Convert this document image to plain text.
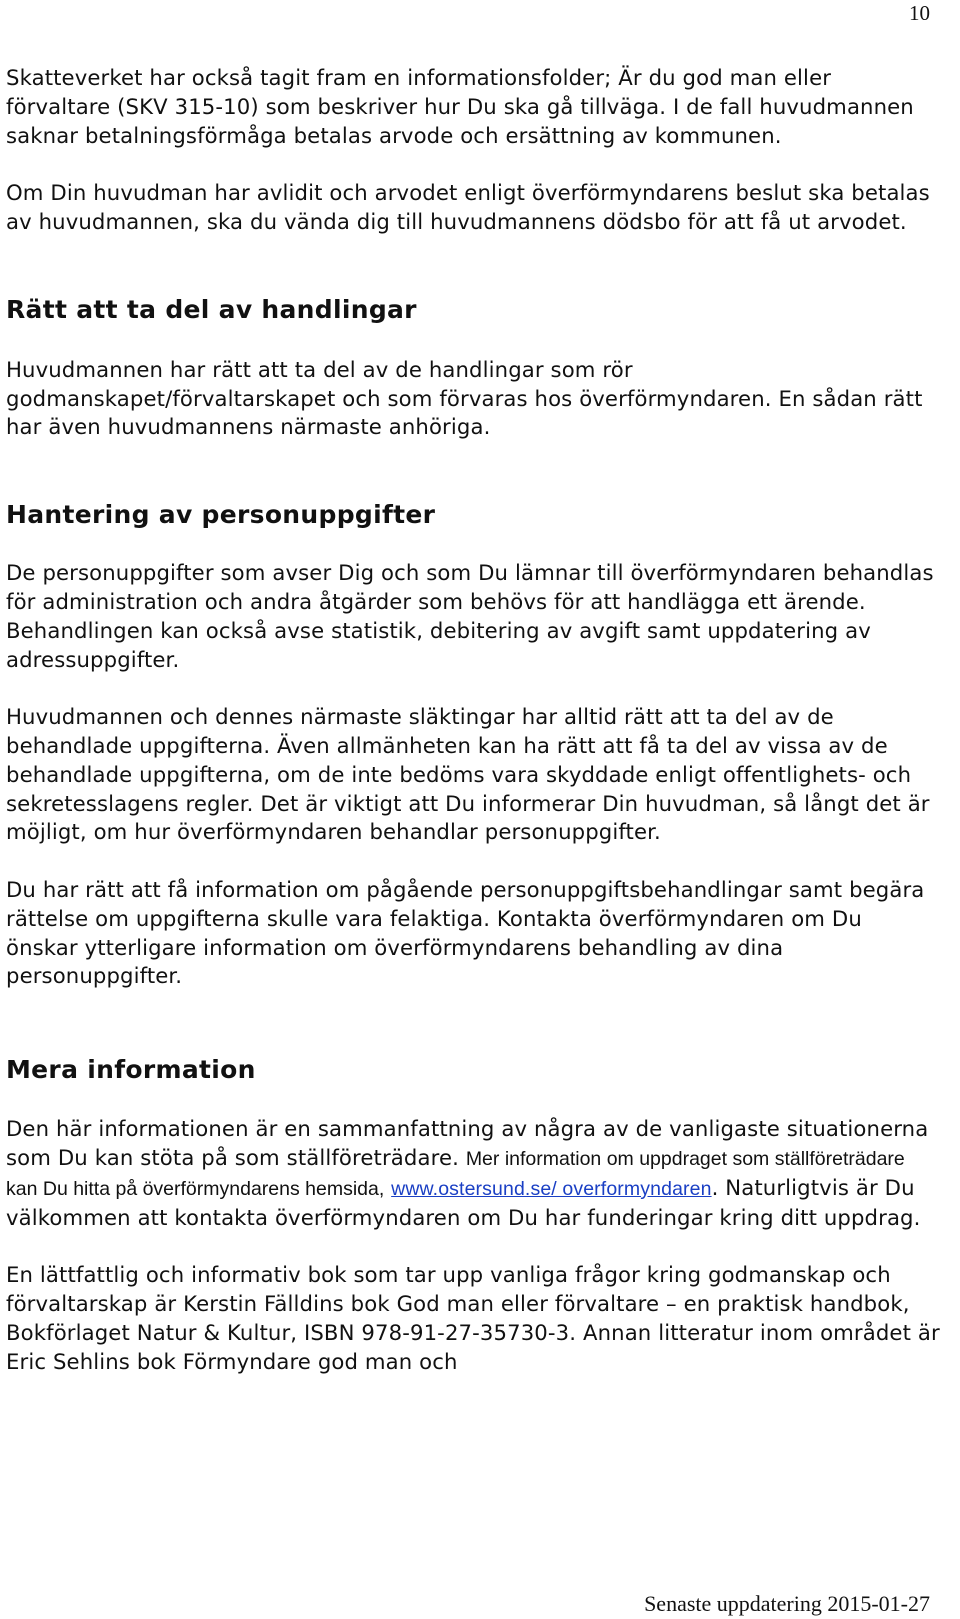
10

Skatteverket har också tagit fram en informationsfolder; Är du god man eller förvaltare (SKV 315-10) som beskriver hur Du ska gå tillväga. I de fall huvudmannen saknar betalningsförmåga betalas arvode och ersättning av kommunen.

Om Din huvudman har avlidit och arvodet enligt överförmyndarens beslut ska betalas av huvudmannen, ska du vända dig till huvudmannens dödsbo för att få ut arvodet.

Rätt att ta del av handlingar

Huvudmannen har rätt att ta del av de handlingar som rör godmanskapet/förvaltarskapet och som förvaras hos överförmyndaren. En sådan rätt har även huvudmannens närmaste anhöriga.

Hantering av personuppgifter

De personuppgifter som avser Dig och som Du lämnar till överförmyndaren behandlas för administration och andra åtgärder som behövs för att handlägga ett ärende. Behandlingen kan också avse statistik, debitering av avgift samt uppdatering av adressuppgifter.

Huvudmannen och dennes närmaste släktingar har alltid rätt att ta del av de behandlade uppgifterna. Även allmänheten kan ha rätt att få ta del av vissa av de behandlade uppgifterna, om de inte bedöms vara skyddade enligt offentlighets- och sekretesslagens regler. Det är viktigt att Du informerar Din huvudman, så långt det är möjligt, om hur överförmyndaren behandlar personuppgifter.

Du har rätt att få information om pågående personuppgiftsbehandlingar samt begära rättelse om uppgifterna skulle vara felaktiga. Kontakta överförmyndaren om Du önskar ytterligare information om överförmyndarens behandling av dina personuppgifter.

Mera information

Den här informationen är en sammanfattning av några av de vanligaste situationerna som Du kan stöta på som ställföreträdare. Mer information om uppdraget som ställföreträdare kan Du hitta på överförmyndarens hemsida, www.ostersund.se/ overformyndaren. Naturligtvis är Du välkommen att kontakta överförmyndaren om Du har funderingar kring ditt uppdrag.

En lättfattlig och informativ bok som tar upp vanliga frågor kring godmanskap och förvaltarskap är Kerstin Fälldins bok God man eller förvaltare – en praktisk handbok, Bokförlaget Natur & Kultur, ISBN 978-91-27-35730-3. Annan litteratur inom området är Eric Sehlins bok Förmyndare god man och

Senaste uppdatering 2015-01-27
